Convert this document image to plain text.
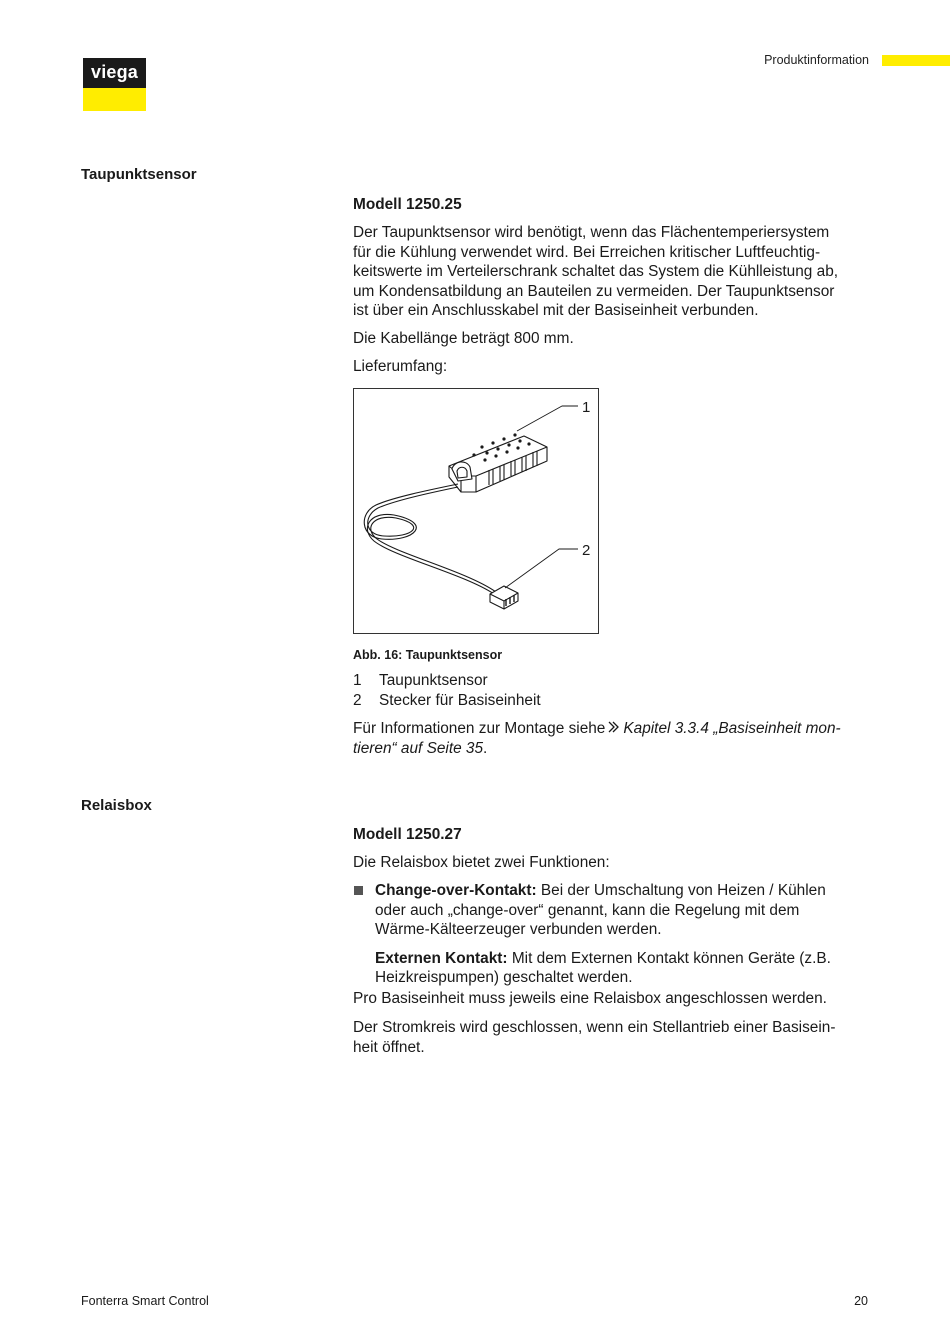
viega
Produktinformation
Taupunktsensor

Modell 1250.25

Der Taupunktsensor wird benötigt, wenn das Flächentemperiersystem

für die Kühlung verwendet wird. Bei Erreichen kritischer Luftfeuchtig-

keitswerte im Verteilerschrank schaltet das System die Kühlleistung ab,

um Kondensatbildung an Bauteilen zu vermeiden. Der Taupunktsensor

ist über ein Anschlusskabel mit der Basiseinheit verbunden.

Die Kabellänge beträgt 800 mm.

Lieferumfang:

1
2
Abb. 16: Taupunktsensor
1	Taupunktsensor
2	Stecker für Basiseinheit

Für Informationen zur Montage siehe Kapitel 3.3.4 „Basiseinheit mon-

tieren“ auf Seite 35.

Relaisbox

Modell 1250.27

Die Relaisbox bietet zwei Funktionen:

Change-over-Kontakt: Bei der Umschaltung von Heizen / Kühlen

oder auch „change-over“ genannt, kann die Regelung mit dem

Wärme-Kälteerzeuger verbunden werden.

Externen Kontakt: Mit dem Externen Kontakt können Geräte (z.B.

Heizkreispumpen) geschaltet werden.

Pro Basiseinheit muss jeweils eine Relaisbox angeschlossen werden.

Der Stromkreis wird geschlossen, wenn ein Stellantrieb einer Basisein-

heit öffnet.

Fonterra Smart Control	20
